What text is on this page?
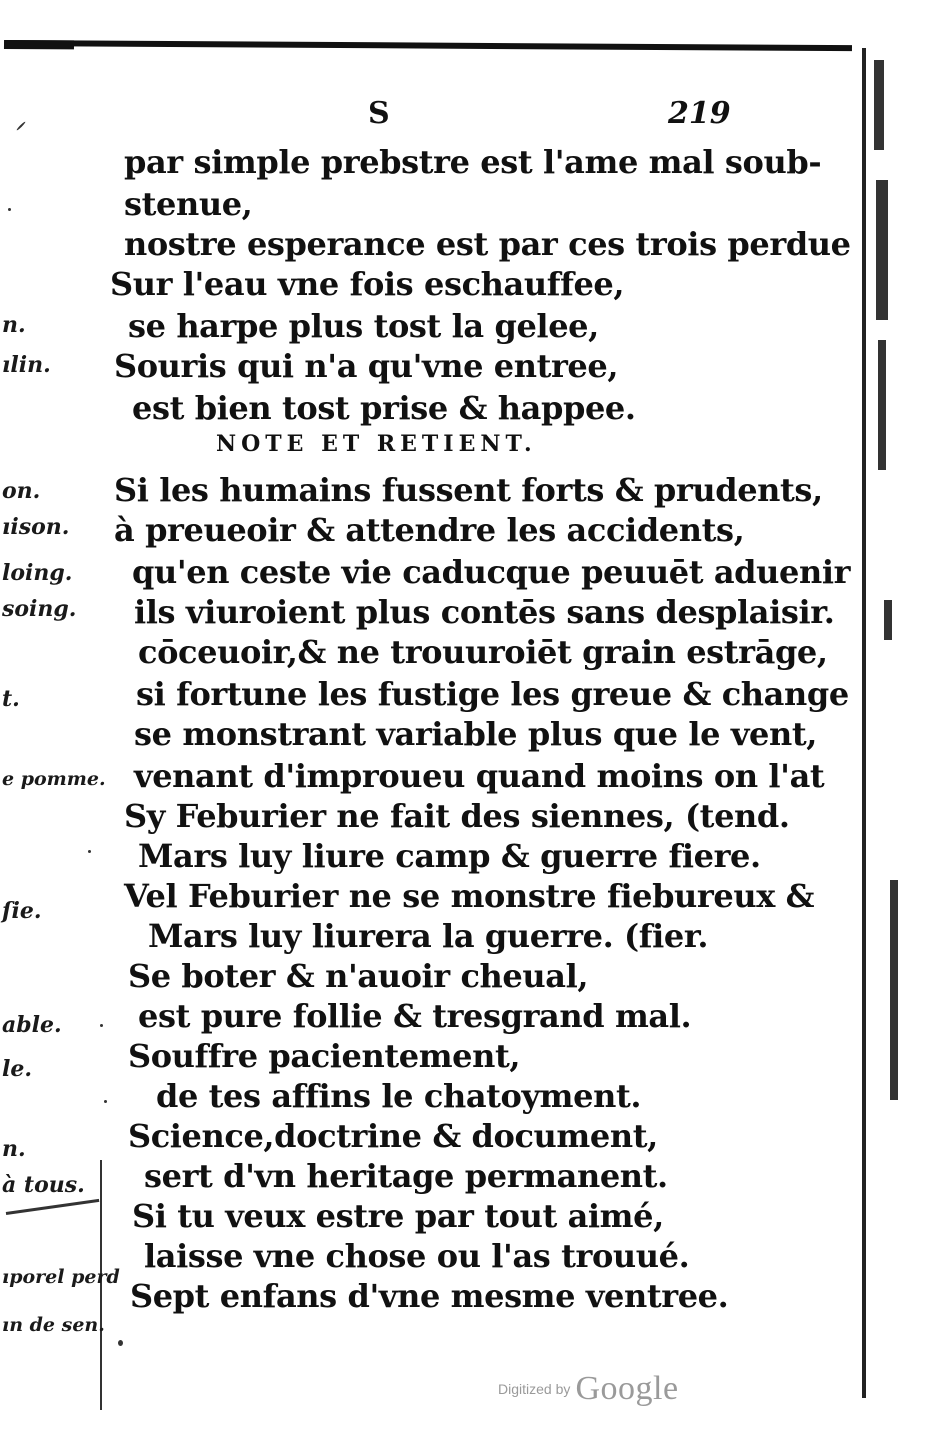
S	219
par simple prebstre est l'ame mal soub-
stenue,
nostre esperance est par ces trois perdue
Sur l'eau vne fois eschauffee,
se harpe plus tost la gelee,
Souris qui n'a qu'vne entree,
est bien tost prise & happee.
NOTE ET RETIENT.
Si les humains fussent forts & prudents,
à preueoir & attendre les accidents,
qu'en ceste vie caducque peuuēt aduenir
ils viuroient plus contēs sans desplaisir.
cōceuoir,& ne trouuroiēt grain estrāge,
si fortune les fustige les greue & change
se monstrant variable plus que le vent,
venant d'improueu quand moins on l'at
Sy Feburier ne fait des siennes, (tend.
Mars luy liure camp & guerre fiere.
Vel Feburier ne se monstre fiebureux &
Mars luy liurera la guerre. (fier.
Se boter & n'auoir cheual,
est pure follie & tresgrand mal.
Souffre pacientement,
de tes affins le chatoyment.
Science,doctrine & document,
sert d'vn heritage permanent.
Si tu veux estre par tout aimé,
laisse vne chose ou l'as trouué.
Sept enfans d'vne mesme ventree.
n.
ılin.
on.
ıison.
loing.
soing.
t.
e pomme.
ſie.
able.
le.
n.
à tous.
ıporel perd
ın de sen.
Digitized by Google
